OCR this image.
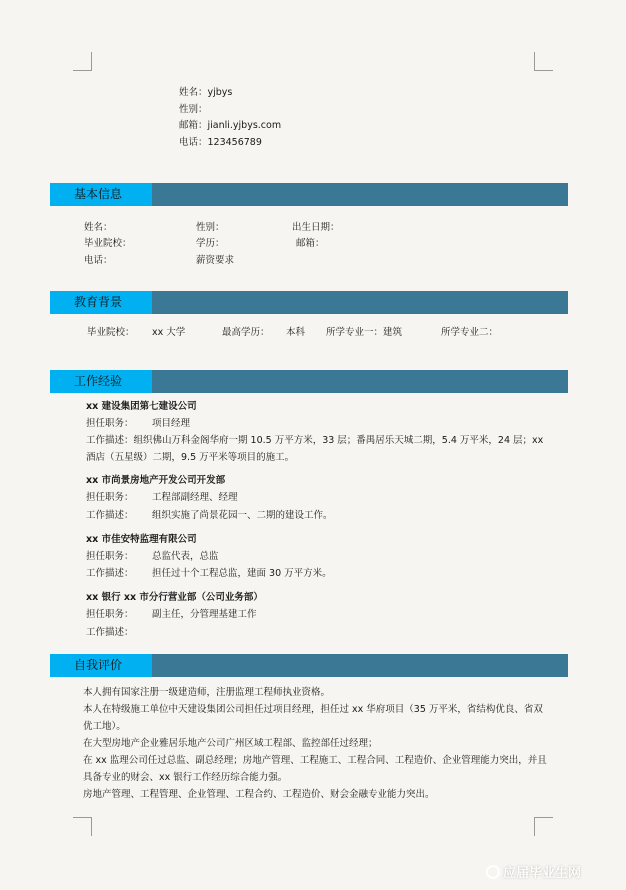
姓名：yjbys
性别：
邮箱：jianli.yjbys.com
电话：123456789
基本信息
姓名：	性别：	出生日期：
毕业院校：	学历：	邮箱：
电话：	薪资要求
教育背景
毕业院校： xx 大学	最高学历： 本科 所学专业一：建筑	所学专业二：
工作经验
xx 建设集团第七建设公司
担任职务： 项目经理
工作描述：组织佛山万科金阁华府一期 10.5 万平方米，33 层；番禺居乐天城二期，5.4 万平米，24 层；xx
酒店（五星级）二期，9.5 万平米等项目的施工。
xx 市尚景房地产开发公司开发部
担任职务： 工程部副经理、经理
工作描述： 组织实施了尚景花园一、二期的建设工作。
xx 市佳安特监理有限公司
担任职务： 总监代表，总监
工作描述： 担任过十个工程总监，建面 30 万平方米。
xx 银行 xx 市分行营业部（公司业务部）
担任职务： 副主任，分管理基建工作
工作描述：
自我评价
本人拥有国家注册一级建造师，注册监理工程师执业资格。
本人在特级施工单位中天建设集团公司担任过项目经理，担任过 xx 华府项目（35 万平米，省结构优良、省双优工地）。
在大型房地产企业雅居乐地产公司广州区域工程部、监控部任过经理；
在 xx 监理公司任过总监、副总经理；房地产管理、工程施工、工程合同、工程造价、企业管理能力突出，并且具备专业的财会、xx 银行工作经历综合能力强。
房地产管理、工程管理、企业管理、工程合约、工程造价、财会金融专业能力突出。
应届毕业生网
